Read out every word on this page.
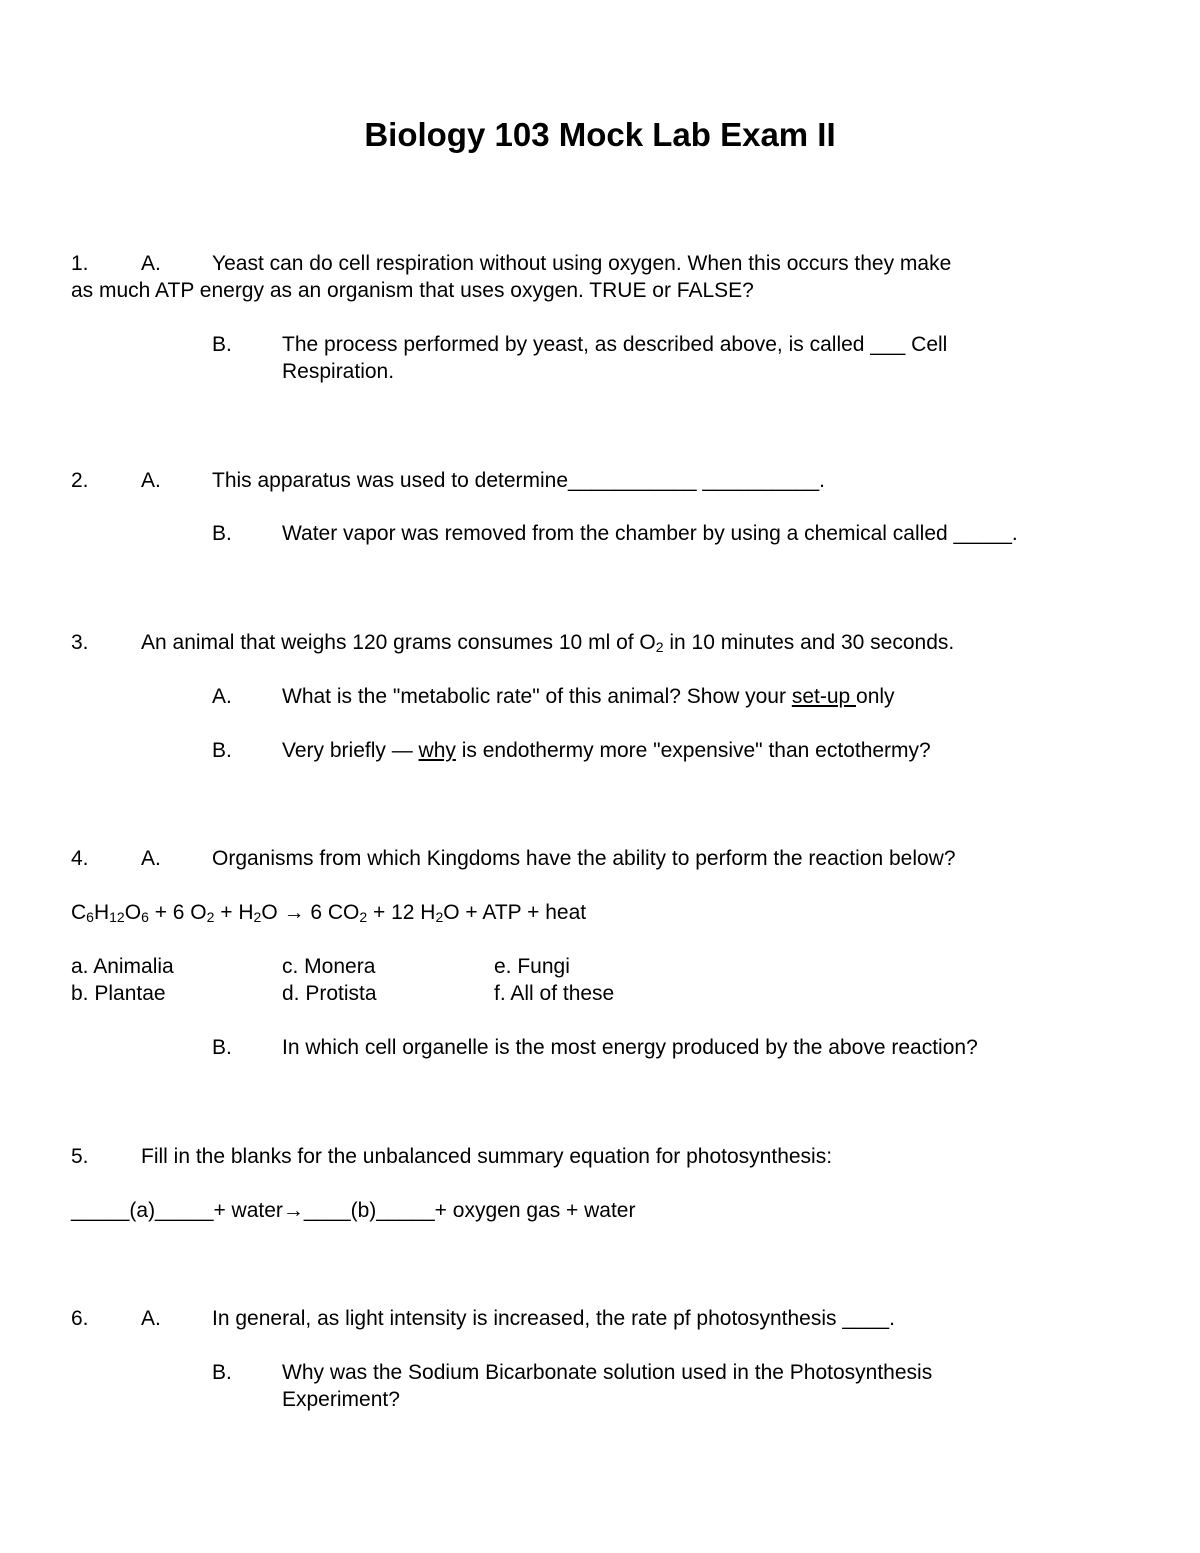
Biology 103 Mock Lab Exam II
1. A. Yeast can do cell respiration without using oxygen. When this occurs they make
as much ATP energy as an organism that uses oxygen. TRUE or FALSE?
B. The process performed by yeast, as described above, is called ___ Cell
Respiration.
2. A. This apparatus was used to determine___________ __________.
B. Water vapor was removed from the chamber by using a chemical called _____.
3. An animal that weighs 120 grams consumes 10 ml of $O_2$ in 10 minutes and 30 seconds.
A. What is the "metabolic rate" of this animal? Show your set-up only
B. Very briefly — why is endothermy more "expensive" than ectothermy?
4. A. Organisms from which Kingdoms have the ability to perform the reaction below?
$C_6H_{12}O_6 + 6$ $O_2 + H_2O \to 6$ $CO_2 + 12$ $H_2O$ + ATP + heat
a. Animalia
b. Plantae
c. Monera
d. Protista
e. Fungi
f. All of these
B. In which cell organelle is the most energy produced by the above reaction?
5. Fill in the blanks for the unbalanced summary equation for photosynthesis:
_____(a)_____+ water→____(b)_____+ oxygen gas + water
6. A. In general, as light intensity is increased, the rate pf photosynthesis ____.
B. Why was the Sodium Bicarbonate solution used in the Photosynthesis
Experiment?
